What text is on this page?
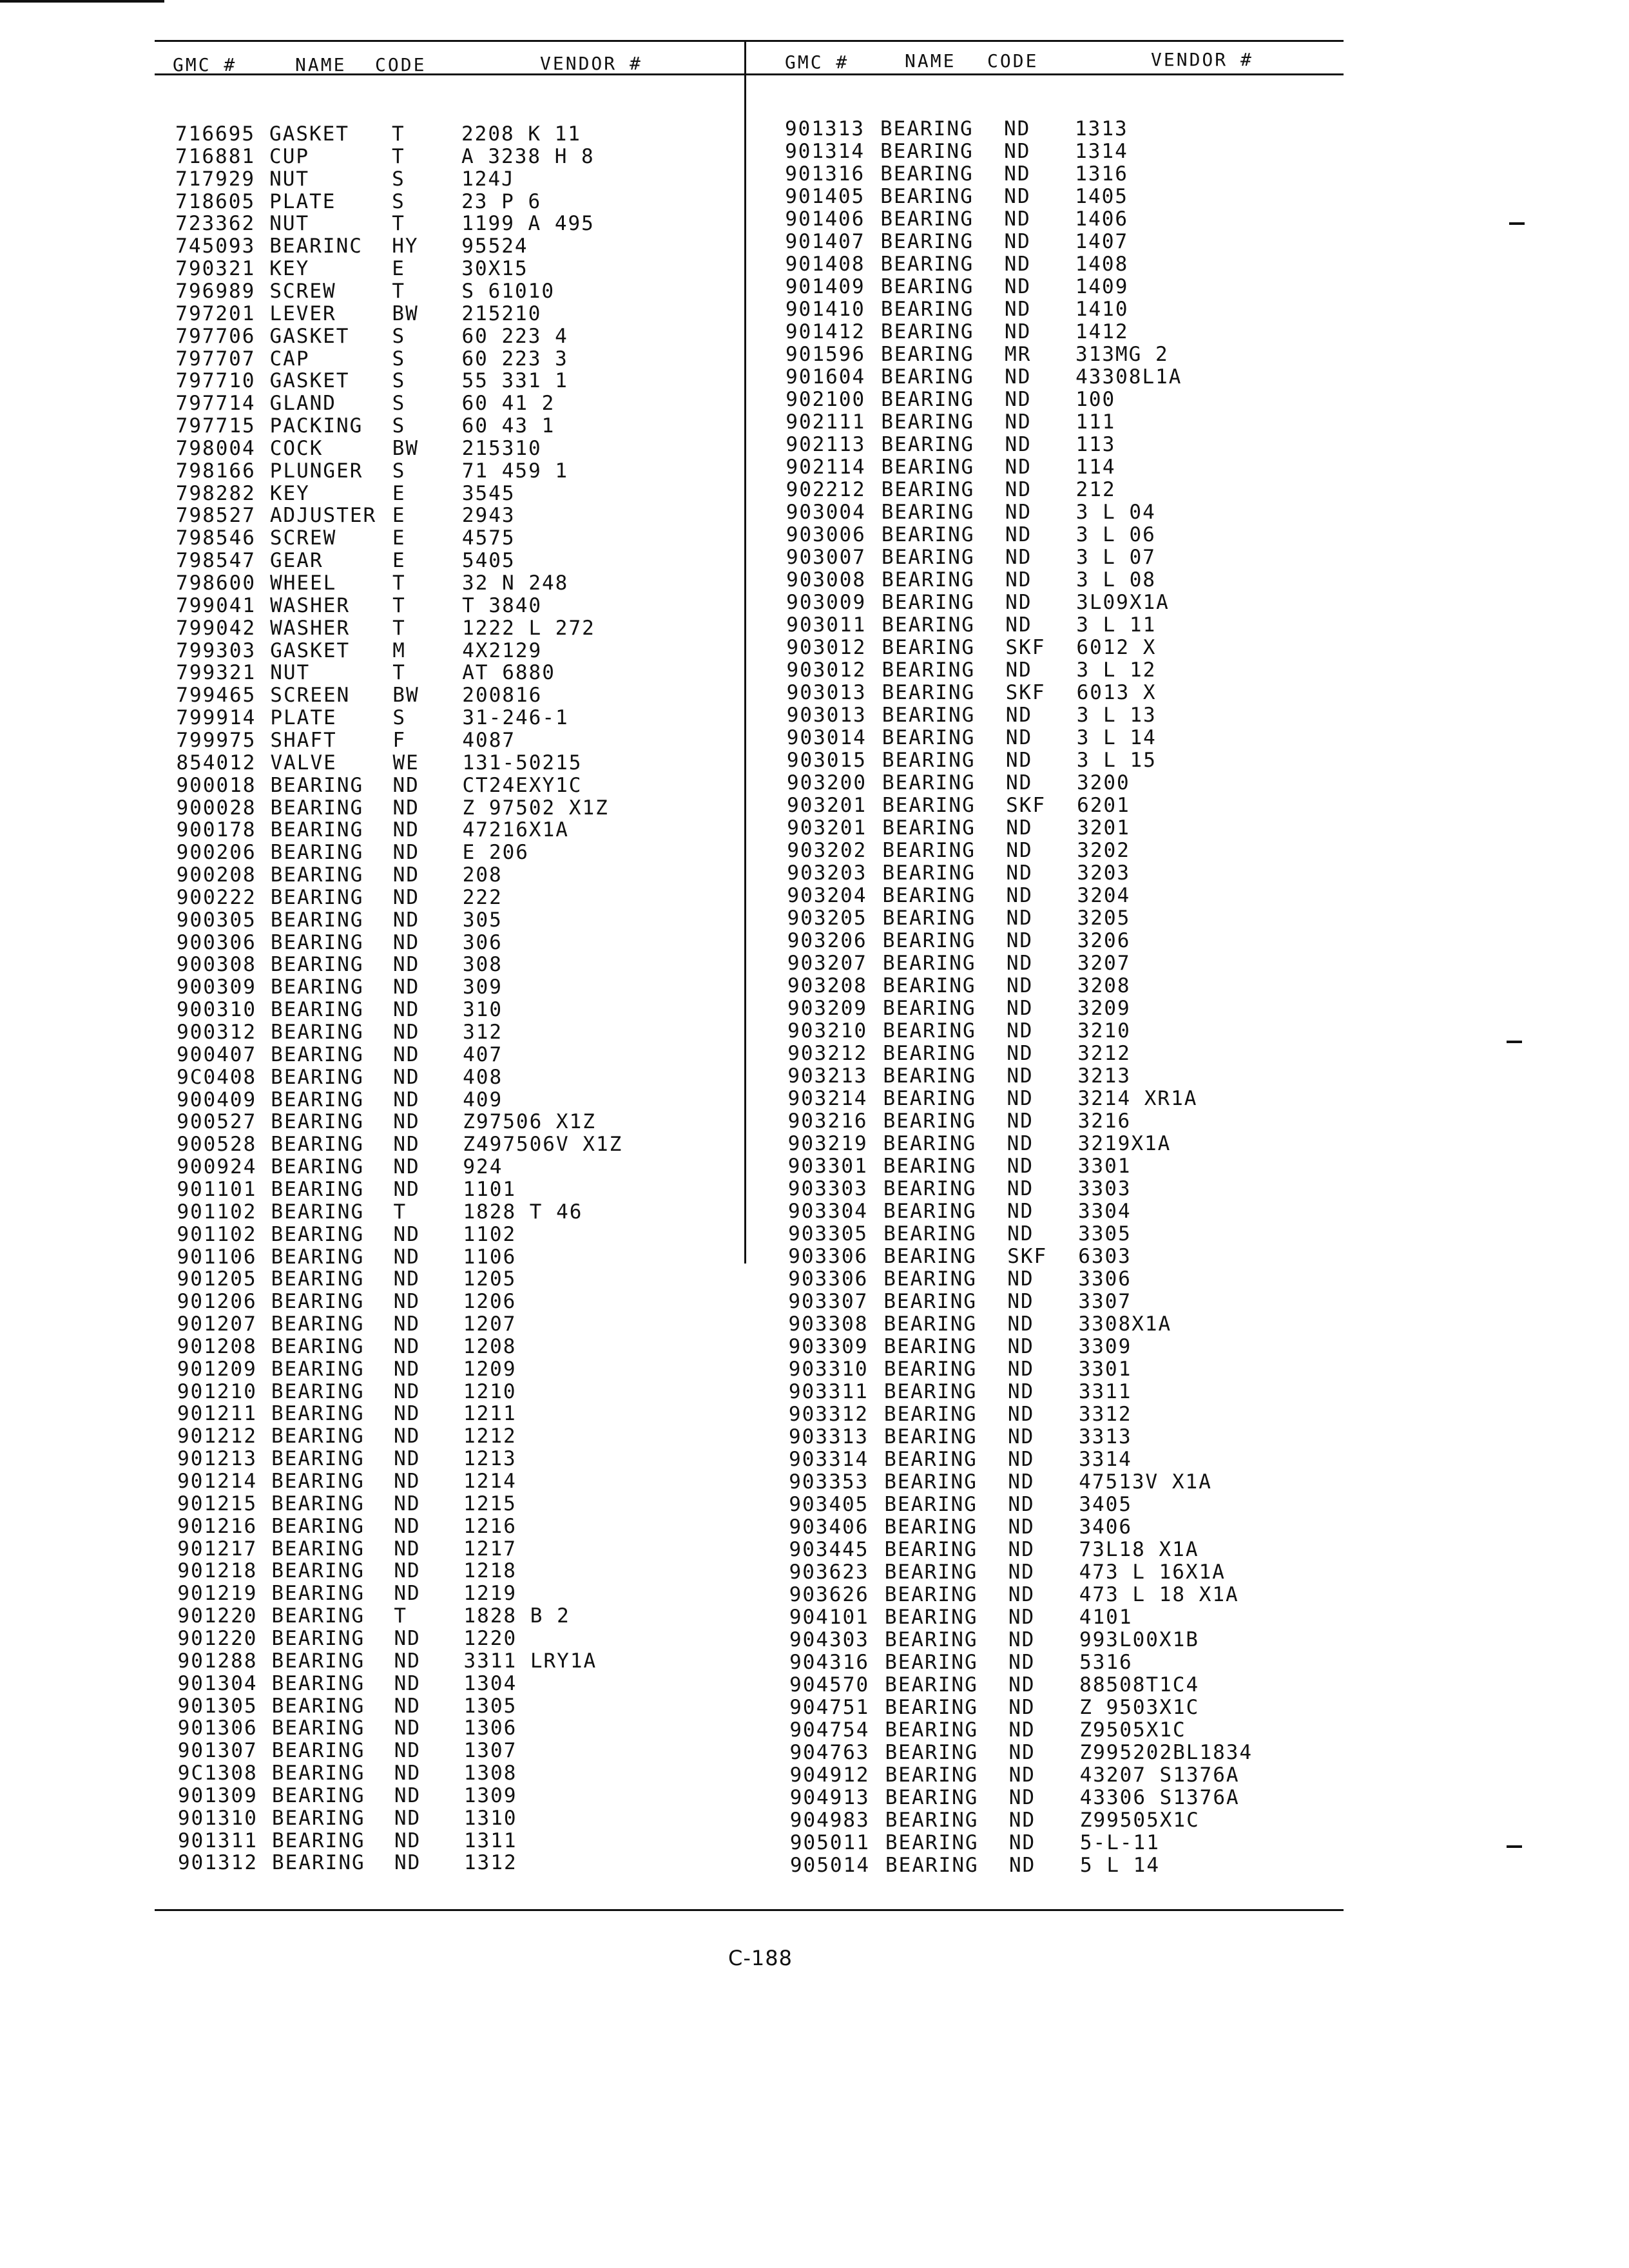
GMC #	NAME CODE	VENDOR #	GMC #	NAME CODE	VENDOR #
716695 GASKET T	2208 K 11
716881 CUP	T	A 3238 H 8
717929 NUT	S	124J
718605 PLATE	S	23 P 6
723362 NUT	T	1199 A 495
745093 BEARINC HY 95524
790321 KEY	E	30X15
796989 SCREW	T	S 61010
797201 LEVER	BW 215210
797706 GASKET S	60 223 4
797707 CAP	S	60 223 3
797710 GASKET S	55 331 1
797714 GLAND	S	60 41 2
797715 PACKING S	60 43 1
798004 COCK	BW 215310
798166 PLUNGER S	71 459 1
798282 KEY	E	3545
798527 ADJUSTER E	2943
798546 SCREW	E	4575
798547 GEAR	E	5405
798600 WHEEL	T	32 N 248
799041 WASHER T	T 3840
799042 WASHER T	1222 L 272
799303 GASKET M	4X2129
799321 NUT	T	AT 6880
799465 SCREEN BW 200816
799914 PLATE	S	31-246-1
799975 SHAFT	F	4087
854012 VALVE	WE 131-50215
900018 BEARING ND CT24EXY1C
900028 BEARING ND Z 97502 X1Z
900178 BEARING ND 47216X1A
900206 BEARING ND E 206
900208 BEARING ND 208
900222 BEARING ND 222
900305 BEARING ND 305
900306 BEARING ND 306
900308 BEARING ND 308
900309 BEARING ND 309
900310 BEARING ND 310
900312 BEARING ND 312
900407 BEARING ND 407
9C0408 BEARING ND 408
900409 BEARING ND 409
900527 BEARING ND Z97506 X1Z
900528 BEARING ND Z497506V X1Z
900924 BEARING ND 924
901101 BEARING ND 1101
901102 BEARING T	1828 T 46
901102 BEARING ND 1102
901106 BEARING ND 1106
901205 BEARING ND 1205
901206 BEARING ND 1206
901207 BEARING ND 1207
901208 BEARING ND 1208
901209 BEARING ND 1209
901210 BEARING ND 1210
901211 BEARING ND 1211
901212 BEARING ND 1212
901213 BEARING ND 1213
901214 BEARING ND 1214
901215 BEARING ND 1215
901216 BEARING ND 1216
901217 BEARING ND 1217
901218 BEARING ND 1218
901219 BEARING ND 1219
901220 BEARING T	1828 B 2
901220 BEARING ND 1220
901288 BEARING ND 3311 LRY1A
901304 BEARING ND 1304
901305 BEARING ND 1305
901306 BEARING ND 1306
901307 BEARING ND 1307
9C1308 BEARING ND 1308
901309 BEARING ND 1309
901310 BEARING ND 1310
901311 BEARING ND 1311
901312 BEARING ND 1312
901313 BEARING ND 1313
901314 BEARING ND 1314
901316 BEARING ND 1316
901405 BEARING ND 1405
901406 BEARING ND 1406
901407 BEARING ND 1407
901408 BEARING ND 1408
901409 BEARING ND 1409
901410 BEARING ND 1410
901412 BEARING ND 1412
901596 BEARING MR 313MG 2
901604 BEARING ND 43308L1A
902100 BEARING ND 100
902111 BEARING ND 111
902113 BEARING ND 113
902114 BEARING ND 114
902212 BEARING ND 212
903004 BEARING ND 3 L 04
903006 BEARING ND 3 L 06
903007 BEARING ND 3 L 07
903008 BEARING ND 3 L 08
903009 BEARING ND 3L09X1A
903011 BEARING ND 3 L 11
903012 BEARING SKF 6012 X
903012 BEARING ND 3 L 12
903013 BEARING SKF 6013 X
903013 BEARING ND 3 L 13
903014 BEARING ND 3 L 14
903015 BEARING ND 3 L 15
903200 BEARING ND 3200
903201 BEARING SKF 6201
903201 BEARING ND 3201
903202 BEARING ND 3202
903203 BEARING ND 3203
903204 BEARING ND 3204
903205 BEARING ND 3205
903206 BEARING ND 3206
903207 BEARING ND 3207
903208 BEARING ND 3208
903209 BEARING ND 3209
903210 BEARING ND 3210
903212 BEARING ND 3212
903213 BEARING ND 3213
903214 BEARING ND 3214 XR1A
903216 BEARING ND 3216
903219 BEARING ND 3219X1A
903301 BEARING ND 3301
903303 BEARING ND 3303
903304 BEARING ND 3304
903305 BEARING ND 3305
903306 BEARING SKF 6303
903306 BEARING ND 3306
903307 BEARING ND 3307
903308 BEARING ND 3308X1A
903309 BEARING ND 3309
903310 BEARING ND 3301
903311 BEARING ND 3311
903312 BEARING ND 3312
903313 BEARING ND 3313
903314 BEARING ND 3314
903353 BEARING ND 47513V X1A
903405 BEARING ND 3405
903406 BEARING ND 3406
903445 BEARING ND 73L18 X1A
903623 BEARING ND 473 L 16X1A
903626 BEARING ND 473 L 18 X1A
904101 BEARING ND 4101
904303 BEARING ND 993L00X1B
904316 BEARING ND 5316
904570 BEARING ND 88508T1C4
904751 BEARING ND Z 9503X1C
904754 BEARING ND Z9505X1C
904763 BEARING ND Z995202BL1834
904912 BEARING ND 43207 S1376A
904913 BEARING ND 43306 S1376A
904983 BEARING ND Z99505X1C
905011 BEARING ND 5-L-11
905014 BEARING ND 5 L 14
C-188
